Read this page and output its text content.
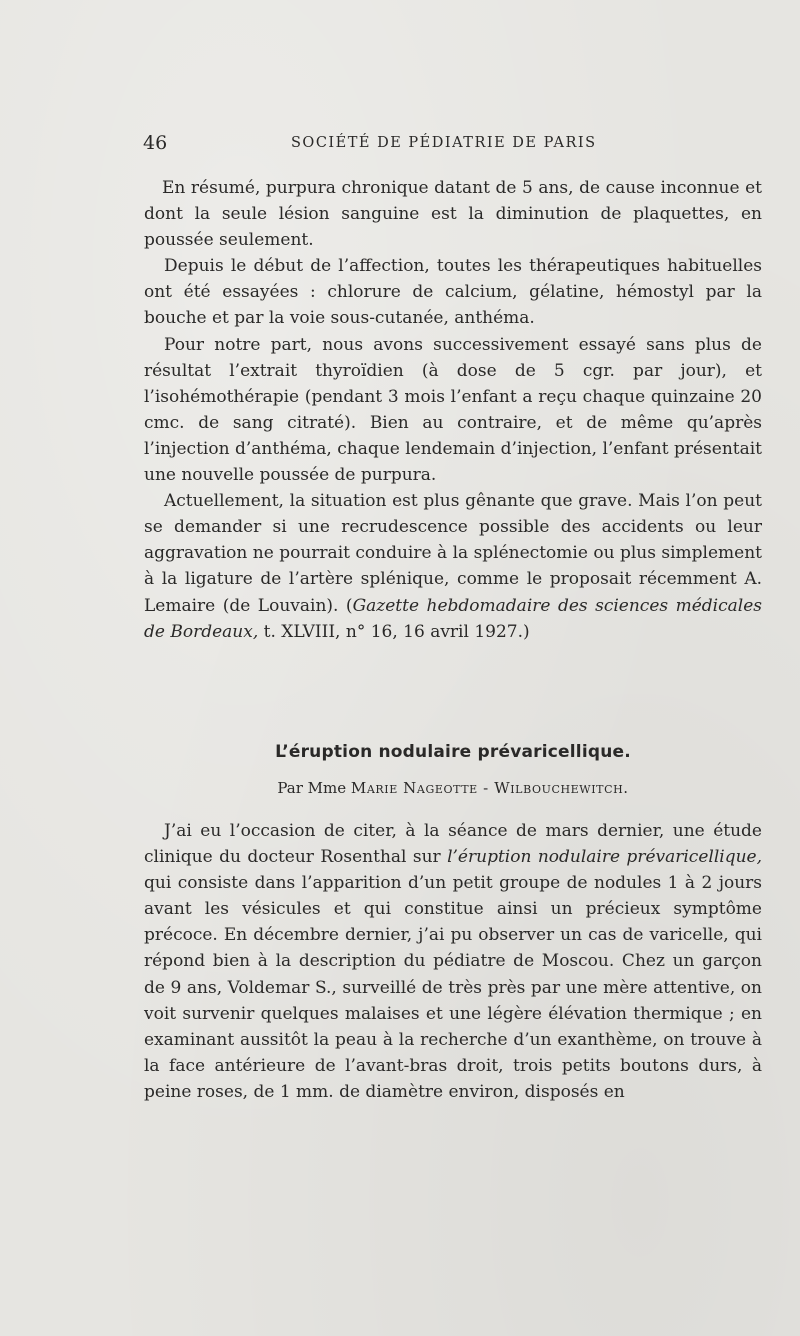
46	SOCIÉTÉ DE PÉDIATRIE DE PARIS

En résumé, purpura chronique datant de 5 ans, de cause inconnue et dont la seule lésion sanguine est la diminution de plaquettes, en poussée seulement.

Depuis le début de l’affection, toutes les thérapeutiques habituelles ont été essayées : chlorure de calcium, gélatine, hémostyl par la bouche et par la voie sous-cutanée, anthéma.

Pour notre part, nous avons successivement essayé sans plus de résultat l’extrait thyroïdien (à dose de 5 cgr. par jour), et l’isohémothérapie (pendant 3 mois l’enfant a reçu chaque quinzaine 20 cmc. de sang citraté). Bien au contraire, et de même qu’après l’injection d’anthéma, chaque lendemain d’injection, l’enfant présentait une nouvelle poussée de purpura.

Actuellement, la situation est plus gênante que grave. Mais l’on peut se demander si une recrudescence possible des accidents ou leur aggravation ne pourrait conduire à la splénectomie ou plus simplement à la ligature de l’artère splénique, comme le proposait récemment A. Lemaire (de Louvain). (Gazette hebdomadaire des sciences médicales de Bordeaux, t. XLVIII, n° 16, 16 avril 1927.)

L’éruption nodulaire prévaricellique.
Par Mme Marie Nageotte - Wilbouchewitch.

J’ai eu l’occasion de citer, à la séance de mars dernier, une étude clinique du docteur Rosenthal sur l’éruption nodulaire prévaricellique, qui consiste dans l’apparition d’un petit groupe de nodules 1 à 2 jours avant les vésicules et qui constitue ainsi un précieux symptôme précoce. En décembre dernier, j’ai pu observer un cas de varicelle, qui répond bien à la description du pédiatre de Moscou. Chez un garçon de 9 ans, Voldemar S., surveillé de très près par une mère attentive, on voit survenir quelques malaises et une légère élévation thermique ; en examinant aussitôt la peau à la recherche d’un exanthème, on trouve à la face antérieure de l’avant-bras droit, trois petits boutons durs, à peine roses, de 1 mm. de diamètre environ, disposés en
